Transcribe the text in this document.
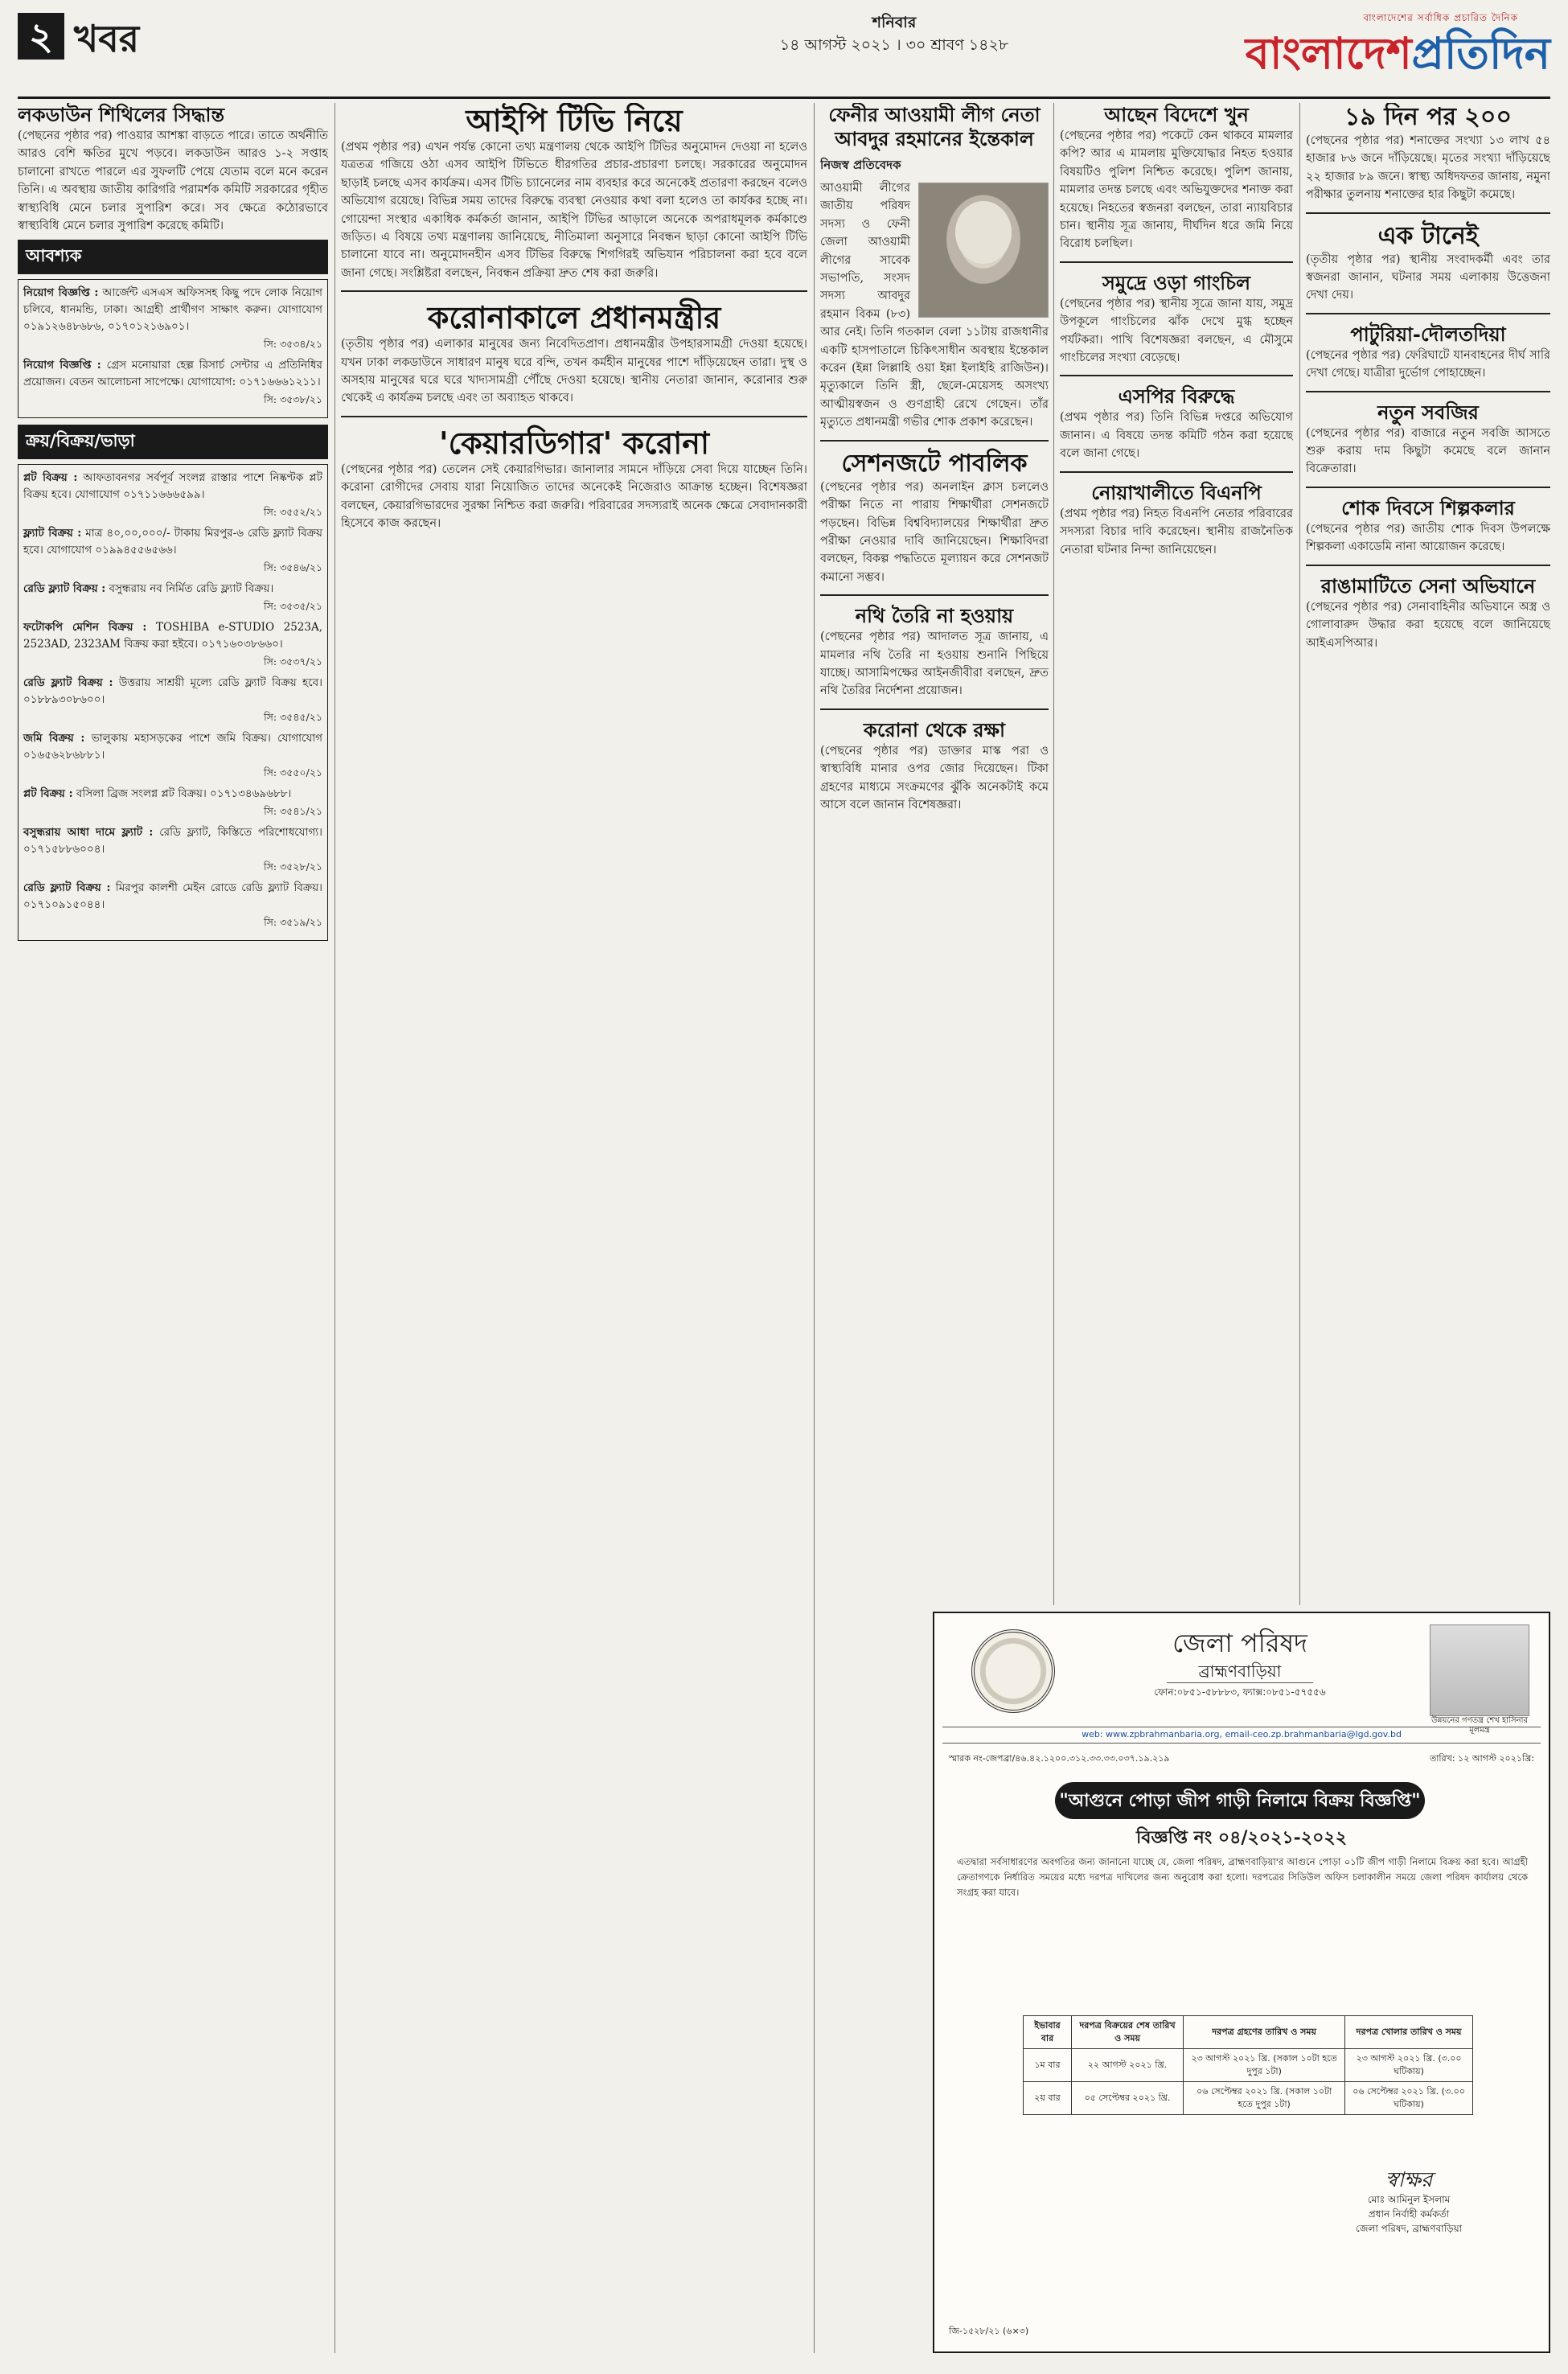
২ খবর	শনিবার
১৪ আগস্ট ২০২১ । ৩০ শ্রাবণ ১৪২৮
বাংলাদেশের সর্বাধিক প্রচারিত দৈনিক
বাংলাদেশপ্রতিদিন
লকডাউন শিথিলের সিদ্ধান্ত
(পেছনের পৃষ্ঠার পর) পাওয়ার আশঙ্কা বাড়তে পারে। তাতে অর্থনীতি আরও বেশি ক্ষতির মুখে পড়বে। লকডাউন আরও ১-২ সপ্তাহ চালানো রাখতে পারলে এর সুফলটি পেয়ে যেতাম বলে মনে করেন তিনি। এ অবস্থায় জাতীয় কারিগরি পরামর্শক কমিটি সরকারের গৃহীত স্বাস্থ্যবিধি মেনে চলার সুপারিশ করে। সব ক্ষেত্রে কঠোরভাবে স্বাস্থ্যবিধি মেনে চলার সুপারিশ করেছে কমিটি।
আবশ্যক
নিয়োগ বিজ্ঞপ্তি : আর্জেন্ট এসএস অফিসসহ কিছু পদে লোক নিয়োগ চলিবে, ধানমন্ডি, ঢাকা। আগ্রহী প্রার্থীগণ সাক্ষাৎ করুন। যোগাযোগ ০১৯১২৬৪৮৬৮৬, ০১৭০১২১৬৯০১।
সি: ৩৫৩৪/২১
নিয়োগ বিজ্ঞপ্তি : গ্রেস মনোয়ারা হেল্প রিসার্চ সেন্টার এ প্রতিনিধির প্রয়োজন। বেতন আলোচনা সাপেক্ষে। যোগাযোগ: ০১৭১৬৬৬১২১১।
সি: ৩৫৩৮/২১
ক্রয়/বিক্রয়/ভাড়া
প্লট বিক্রয় : আফতাবনগর সর্বপূর্ব সংলগ্ন রাস্তার পাশে নিষ্কণ্টক প্লট বিক্রয় হবে। যোগাযোগ ০১৭১১৬৬৬৫৯৯।
সি: ৩৫৫২/২১
ফ্ল্যাট বিক্রয় : মাত্র ৪০,০০,০০০/- টাকায় মিরপুর-৬ রেডি ফ্ল্যাট বিক্রয় হবে। যোগাযোগ ০১৯৯৪৫৫৬৫৬৬।
সি: ৩৫৪৬/২১
রেডি ফ্ল্যাট বিক্রয় : বসুন্ধরায় নব নির্মিত রেডি ফ্ল্যাট বিক্রয়।
সি: ৩৫৩৫/২১
ফটোকপি মেশিন বিক্রয় : TOSHIBA e-STUDIO 2523A, 2523AD, 2323AM বিক্রয় করা হইবে। ০১৭১৬০৩৮৬৬০।
সি: ৩৫৩৭/২১
রেডি ফ্ল্যাট বিক্রয় : উত্তরায় সাশ্রয়ী মূল্যে রেডি ফ্ল্যাট বিক্রয় হবে। ০১৮৮৯৩০৮৬০০।
সি: ৩৫৪৫/২১
জমি বিক্রয় : ভালুকায় মহাসড়কের পাশে জমি বিক্রয়। যোগাযোগ ০১৬৫৬২৮৬৮৮১।
সি: ৩৫৫০/২১
প্লট বিক্রয় : বসিলা ব্রিজ সংলগ্ন প্লট বিক্রয়। ০১৭১৩৪৬৯৬৮৮।
সি: ৩৫৪১/২১
বসুন্ধরায় আধা দামে ফ্ল্যাট : রেডি ফ্ল্যাট, কিস্তিতে পরিশোধযোগ্য। ০১৭১৫৮৮৬০০৪।
সি: ৩৫২৮/২১
রেডি ফ্ল্যাট বিক্রয় : মিরপুর কালশী মেইন রোডে রেডি ফ্ল্যাট বিক্রয়। ০১৭১০৯১৫০৪৪।
সি: ৩৫১৯/২১
আইপি টিভি নিয়ে
(প্রথম পৃষ্ঠার পর) এখন পর্যন্ত কোনো তথ্য মন্ত্রণালয় থেকে আইপি টিভির অনুমোদন দেওয়া না হলেও যত্রতত্র গজিয়ে ওঠা এসব আইপি টিভিতে ধীরগতির প্রচার-প্রচারণা চলছে। সরকারের অনুমোদন ছাড়াই চলছে এসব কার্যক্রম। এসব টিভি চ্যানেলের নাম ব্যবহার করে অনেকেই প্রতারণা করছেন বলেও অভিযোগ রয়েছে। বিভিন্ন সময় তাদের বিরুদ্ধে ব্যবস্থা নেওয়ার কথা বলা হলেও তা কার্যকর হচ্ছে না। গোয়েন্দা সংস্থার একাধিক কর্মকর্তা জানান, আইপি টিভির আড়ালে অনেকে অপরাধমূলক কর্মকাণ্ডে জড়িত। এ বিষয়ে তথ্য মন্ত্রণালয় জানিয়েছে, নীতিমালা অনুসারে নিবন্ধন ছাড়া কোনো আইপি টিভি চালানো যাবে না। অনুমোদনহীন এসব টিভির বিরুদ্ধে শিগগিরই অভিযান পরিচালনা করা হবে বলে জানা গেছে। সংশ্লিষ্টরা বলছেন, নিবন্ধন প্রক্রিয়া দ্রুত শেষ করা জরুরি।
করোনাকালে প্রধানমন্ত্রীর
(তৃতীয় পৃষ্ঠার পর) এলাকার মানুষের জন্য নিবেদিতপ্রাণ। প্রধানমন্ত্রীর উপহারসামগ্রী দেওয়া হয়েছে। যখন ঢাকা লকডাউনে সাধারণ মানুষ ঘরে বন্দি, তখন কর্মহীন মানুষের পাশে দাঁড়িয়েছেন তারা। দুস্থ ও অসহায় মানুষের ঘরে ঘরে খাদ্যসামগ্রী পৌঁছে দেওয়া হয়েছে। স্থানীয় নেতারা জানান, করোনার শুরু থেকেই এ কার্যক্রম চলছে এবং তা অব্যাহত থাকবে।
'কেয়ারডিগার' করোনা
(পেছনের পৃষ্ঠার পর) তেলেন সেই কেয়ারগিভার। জানালার সামনে দাঁড়িয়ে সেবা দিয়ে যাচ্ছেন তিনি। করোনা রোগীদের সেবায় যারা নিয়োজিত তাদের অনেকেই নিজেরাও আক্রান্ত হচ্ছেন। বিশেষজ্ঞরা বলছেন, কেয়ারগিভারদের সুরক্ষা নিশ্চিত করা জরুরি। পরিবারের সদস্যরাই অনেক ক্ষেত্রে সেবাদানকারী হিসেবে কাজ করছেন।
ফেনীর আওয়ামী লীগ নেতা আবদুর রহমানের ইন্তেকাল
নিজস্ব প্রতিবেদক
আওয়ামী লীগের জাতীয় পরিষদ সদস্য ও ফেনী জেলা আওয়ামী লীগের সাবেক সভাপতি, সংসদ সদস্য আবদুর রহমান বিকম (৮৩) আর নেই। তিনি গতকাল বেলা ১১টায় রাজধানীর একটি হাসপাতালে চিকিৎসাধীন অবস্থায় ইন্তেকাল করেন (ইন্না লিল্লাহি ওয়া ইন্না ইলাইহি রাজিউন)। মৃত্যুকালে তিনি স্ত্রী, ছেলে-মেয়েসহ অসংখ্য আত্মীয়স্বজন ও গুণগ্রাহী রেখে গেছেন। তাঁর মৃত্যুতে প্রধানমন্ত্রী গভীর শোক প্রকাশ করেছেন।
সেশনজটে পাবলিক
(পেছনের পৃষ্ঠার পর) অনলাইন ক্লাস চললেও পরীক্ষা নিতে না পারায় শিক্ষার্থীরা সেশনজটে পড়ছেন। বিভিন্ন বিশ্ববিদ্যালয়ের শিক্ষার্থীরা দ্রুত পরীক্ষা নেওয়ার দাবি জানিয়েছেন। শিক্ষাবিদরা বলছেন, বিকল্প পদ্ধতিতে মূল্যায়ন করে সেশনজট কমানো সম্ভব।
নথি তৈরি না হওয়ায়
(পেছনের পৃষ্ঠার পর) আদালত সূত্র জানায়, এ মামলার নথি তৈরি না হওয়ায় শুনানি পিছিয়ে যাচ্ছে। আসামিপক্ষের আইনজীবীরা বলছেন, দ্রুত নথি তৈরির নির্দেশনা প্রয়োজন।
করোনা থেকে রক্ষা
(পেছনের পৃষ্ঠার পর) ডাক্তার মাস্ক পরা ও স্বাস্থ্যবিধি মানার ওপর জোর দিয়েছেন। টিকা গ্রহণের মাধ্যমে সংক্রমণের ঝুঁকি অনেকটাই কমে আসে বলে জানান বিশেষজ্ঞরা।
আছেন বিদেশে খুন
(পেছনের পৃষ্ঠার পর) পকেটে কেন থাকবে মামলার কপি? আর এ মামলায় মুক্তিযোদ্ধার নিহত হওয়ার বিষয়টিও পুলিশ নিশ্চিত করেছে। পুলিশ জানায়, মামলার তদন্ত চলছে এবং অভিযুক্তদের শনাক্ত করা হয়েছে। নিহতের স্বজনরা বলছেন, তারা ন্যায়বিচার চান। স্থানীয় সূত্র জানায়, দীর্ঘদিন ধরে জমি নিয়ে বিরোধ চলছিল।
সমুদ্রে ওড়া গাংচিল
(পেছনের পৃষ্ঠার পর) স্থানীয় সূত্রে জানা যায়, সমুদ্র উপকূলে গাংচিলের ঝাঁক দেখে মুগ্ধ হচ্ছেন পর্যটকরা। পাখি বিশেষজ্ঞরা বলছেন, এ মৌসুমে গাংচিলের সংখ্যা বেড়েছে।
এসপির বিরুদ্ধে
(প্রথম পৃষ্ঠার পর) তিনি বিভিন্ন দপ্তরে অভিযোগ জানান। এ বিষয়ে তদন্ত কমিটি গঠন করা হয়েছে বলে জানা গেছে।
নোয়াখালীতে বিএনপি
(প্রথম পৃষ্ঠার পর) নিহত বিএনপি নেতার পরিবারের সদস্যরা বিচার দাবি করেছেন। স্থানীয় রাজনৈতিক নেতারা ঘটনার নিন্দা জানিয়েছেন।
১৯ দিন পর ২০০
(পেছনের পৃষ্ঠার পর) শনাক্তের সংখ্যা ১৩ লাখ ৫৪ হাজার ৮৬ জনে দাঁড়িয়েছে। মৃতের সংখ্যা দাঁড়িয়েছে ২২ হাজার ৮৯ জনে। স্বাস্থ্য অধিদফতর জানায়, নমুনা পরীক্ষার তুলনায় শনাক্তের হার কিছুটা কমেছে।
এক টানেই
(তৃতীয় পৃষ্ঠার পর) স্থানীয় সংবাদকর্মী এবং তার স্বজনরা জানান, ঘটনার সময় এলাকায় উত্তেজনা দেখা দেয়।
পাটুরিয়া-দৌলতদিয়া
(পেছনের পৃষ্ঠার পর) ফেরিঘাটে যানবাহনের দীর্ঘ সারি দেখা গেছে। যাত্রীরা দুর্ভোগ পোহাচ্ছেন।
নতুন সবজির
(পেছনের পৃষ্ঠার পর) বাজারে নতুন সবজি আসতে শুরু করায় দাম কিছুটা কমেছে বলে জানান বিক্রেতারা।
শোক দিবসে শিল্পকলার
(পেছনের পৃষ্ঠার পর) জাতীয় শোক দিবস উপলক্ষে শিল্পকলা একাডেমি নানা আয়োজন করেছে।
রাঙামাটিতে সেনা অভিযানে
(পেছনের পৃষ্ঠার পর) সেনাবাহিনীর অভিযানে অস্ত্র ও গোলাবারুদ উদ্ধার করা হয়েছে বলে জানিয়েছে আইএসপিআর।
জেলা পরিষদ
ব্রাহ্মণবাড়িয়া
ফোন:০৮৫১-৫৮৮৮৩, ফ্যাক্স:০৮৫১-৫৭৫৫৬
উন্নয়নের গণতন্ত্র শেখ হাসিনার মূলমন্ত্র
web: www.zpbrahmanbaria.org, email-ceo.zp.brahmanbaria@lgd.gov.bd
স্মারক নং-জেপব্রা/৪৬.৪২.১২০০.৩১২.৩৩.৩৩.০৩৭.১৯.২১৯	তারিখ: ১২ আগস্ট ২০২১খ্রি:
"আগুনে পোড়া জীপ গাড়ী নিলামে বিক্রয় বিজ্ঞপ্তি"
বিজ্ঞপ্তি নং ০৪/২০২১-২০২২
এতদ্বারা সর্বসাধারণের অবগতির জন্য জানানো যাচ্ছে যে, জেলা পরিষদ, ব্রাহ্মণবাড়িয়া'র আগুনে পোড়া ০১টি জীপ গাড়ী নিলামে বিক্রয় করা হবে। আগ্রহী ক্রেতাগণকে নির্ধারিত সময়ের মধ্যে দরপত্র দাখিলের জন্য অনুরোধ করা হলো। দরপত্রের সিডিউল অফিস চলাকালীন সময়ে জেলা পরিষদ কার্যালয় থেকে সংগ্রহ করা যাবে।
ইভাবার বার	দরপত্র বিক্রয়ের শেষ তারিখ ও সময়	দরপত্র গ্রহণের তারিখ ও সময়	দরপত্র খোলার তারিখ ও সময়
১ম বার	২২ আগস্ট ২০২১ খ্রি.	২৩ আগস্ট ২০২১ খ্রি. (সকাল ১০টা হতে দুপুর ১টা)	২৩ আগস্ট ২০২১ খ্রি. (৩.০০ ঘটিকায়)
২য় বার	০৫ সেপ্টেম্বর ২০২১ খ্রি.	০৬ সেপ্টেম্বর ২০২১ খ্রি. (সকাল ১০টা হতে দুপুর ১টা)	০৬ সেপ্টেম্বর ২০২১ খ্রি. (৩.০০ ঘটিকায়)
স্বাক্ষর
মোঃ আমিনুল ইসলাম
প্রধান নির্বাহী কর্মকর্তা
জেলা পরিষদ, ব্রাহ্মণবাড়িয়া
জি-১৫২৮/২১ (৬×৩)
